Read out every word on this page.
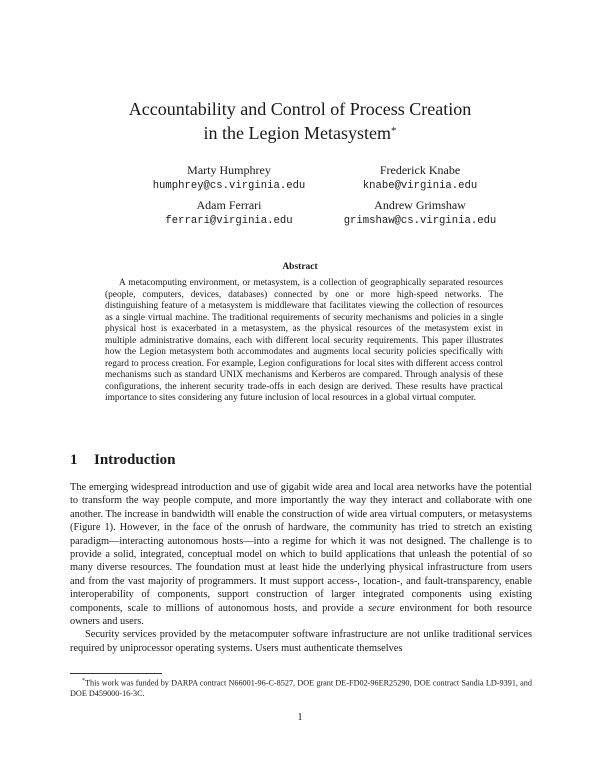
Accountability and Control of Process Creation
in the Legion Metasystem*
Marty Humphrey
humphrey@cs.virginia.edu
Frederick Knabe
knabe@virginia.edu
Adam Ferrari
ferrari@virginia.edu
Andrew Grimshaw
grimshaw@cs.virginia.edu
Abstract

A metacomputing environment, or metasystem, is a collection of geographically separated resources (people, computers, devices, databases) connected by one or more high-speed networks. The distinguishing feature of a metasystem is middleware that facilitates viewing the collection of resources as a single virtual machine. The traditional requirements of security mechanisms and policies in a single physical host is exacerbated in a metasystem, as the physical resources of the metasystem exist in multiple administrative domains, each with different local security requirements. This paper illustrates how the Legion metasystem both accommodates and augments local security policies specifically with regard to process creation. For example, Legion configurations for local sites with different access control mechanisms such as standard UNIX mechanisms and Kerberos are compared. Through analysis of these configurations, the inherent security trade-offs in each design are derived. These results have practical importance to sites considering any future inclusion of local resources in a global virtual computer.

1 Introduction

The emerging widespread introduction and use of gigabit wide area and local area networks have the potential to transform the way people compute, and more importantly the way they interact and collaborate with one another. The increase in bandwidth will enable the construction of wide area virtual computers, or metasystems (Figure 1). However, in the face of the onrush of hardware, the community has tried to stretch an existing paradigm—interacting autonomous hosts—into a regime for which it was not designed. The challenge is to provide a solid, integrated, conceptual model on which to build applications that unleash the potential of so many diverse resources. The foundation must at least hide the underlying physical infrastructure from users and from the vast majority of programmers. It must support access-, location-, and fault-transparency, enable interoperability of components, support construction of larger integrated components using existing components, scale to millions of autonomous hosts, and provide a secure environment for both resource owners and users.

Security services provided by the metacomputer software infrastructure are not unlike traditional services required by uniprocessor operating systems. Users must authenticate themselves

*This work was funded by DARPA contract N66001-96-C-8527, DOE grant DE-FD02-96ER25290, DOE contract Sandia LD-9391, and DOE D459000-16-3C.

1
